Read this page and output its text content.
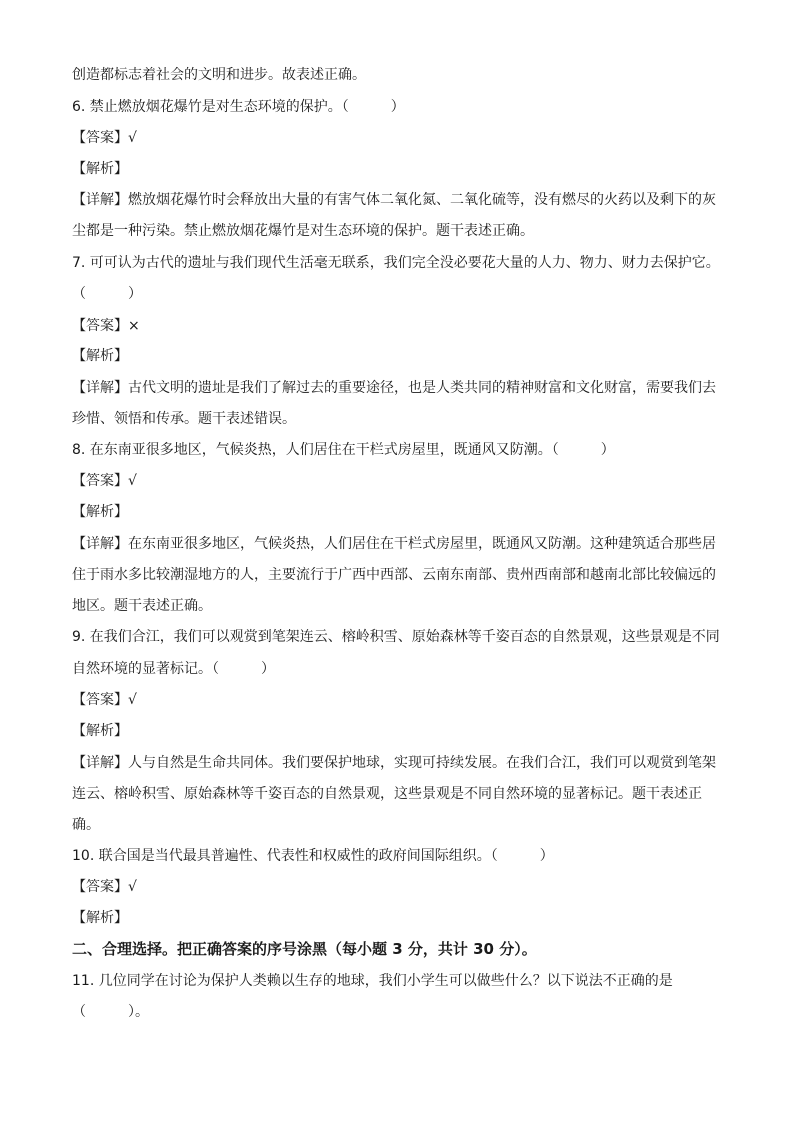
创造都标志着社会的文明和进步。故表述正确。
6. 禁止燃放烟花爆竹是对生态环境的保护。（　　　）
【答案】√
【解析】
【详解】燃放烟花爆竹时会释放出大量的有害气体二氧化氮、二氧化硫等，没有燃尽的火药以及剩下的灰
尘都是一种污染。禁止燃放烟花爆竹是对生态环境的保护。题干表述正确。
7. 可可认为古代的遗址与我们现代生活毫无联系，我们完全没必要花大量的人力、物力、财力去保护它。
（　　　）
【答案】×
【解析】
【详解】古代文明的遗址是我们了解过去的重要途径，也是人类共同的精神财富和文化财富，需要我们去
珍惜、领悟和传承。题干表述错误。
8. 在东南亚很多地区，气候炎热，人们居住在干栏式房屋里，既通风又防潮。（　　　）
【答案】√
【解析】
【详解】在东南亚很多地区，气候炎热，人们居住在干栏式房屋里，既通风又防潮。这种建筑适合那些居
住于雨水多比较潮湿地方的人，主要流行于广西中西部、云南东南部、贵州西南部和越南北部比较偏远的
地区。题干表述正确。
9. 在我们合江，我们可以观赏到笔架连云、榕岭积雪、原始森林等千姿百态的自然景观，这些景观是不同
自然环境的显著标记。（　　　）
【答案】√
【解析】
【详解】人与自然是生命共同体。我们要保护地球，实现可持续发展。在我们合江，我们可以观赏到笔架
连云、榕岭积雪、原始森林等千姿百态的自然景观，这些景观是不同自然环境的显著标记。题干表述正
确。
10. 联合国是当代最具普遍性、代表性和权威性的政府间国际组织。（　　　）
【答案】√
【解析】
二、合理选择。把正确答案的序号涂黑（每小题 3 分，共计 30 分）。
11. 几位同学在讨论为保护人类赖以生存的地球，我们小学生可以做些什么？以下说法不正确的是
（　　　）。
